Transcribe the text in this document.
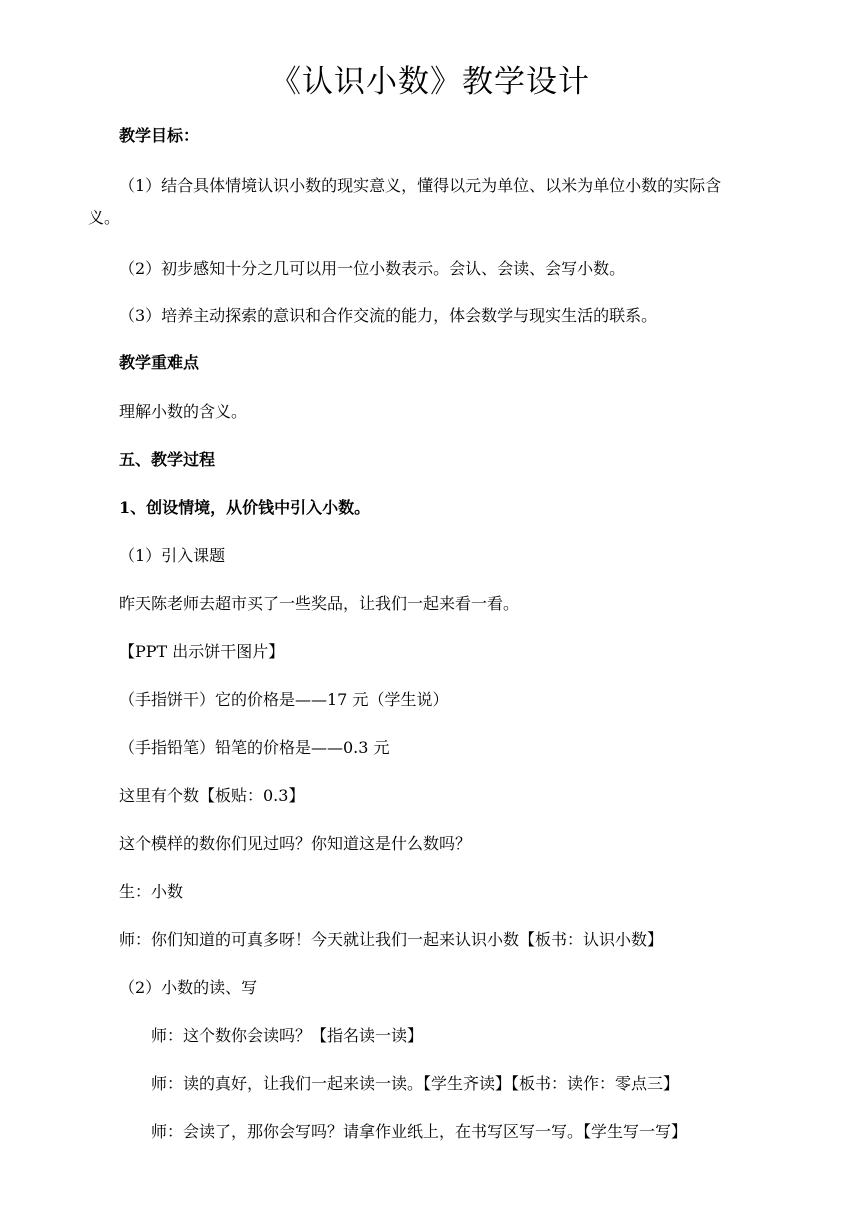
《认识小数》教学设计
教学目标：
（1）结合具体情境认识小数的现实意义，懂得以元为单位、以米为单位小数的实际含
义。
（2）初步感知十分之几可以用一位小数表示。会认、会读、会写小数。
（3）培养主动探索的意识和合作交流的能力，体会数学与现实生活的联系。
教学重难点
理解小数的含义。
五、教学过程
1、创设情境，从价钱中引入小数。
（1）引入课题
昨天陈老师去超市买了一些奖品，让我们一起来看一看。
【PPT 出示饼干图片】
（手指饼干）它的价格是——17 元（学生说）
（手指铅笔）铅笔的价格是——0.3 元
这里有个数【板贴：0.3】
这个模样的数你们见过吗？你知道这是什么数吗？
生：小数
师：你们知道的可真多呀！今天就让我们一起来认识小数【板书：认识小数】
（2）小数的读、写
师：这个数你会读吗？【指名读一读】
师：读的真好，让我们一起来读一读。【学生齐读】【板书：读作：零点三】
师：会读了，那你会写吗？请拿作业纸上，在书写区写一写。【学生写一写】
